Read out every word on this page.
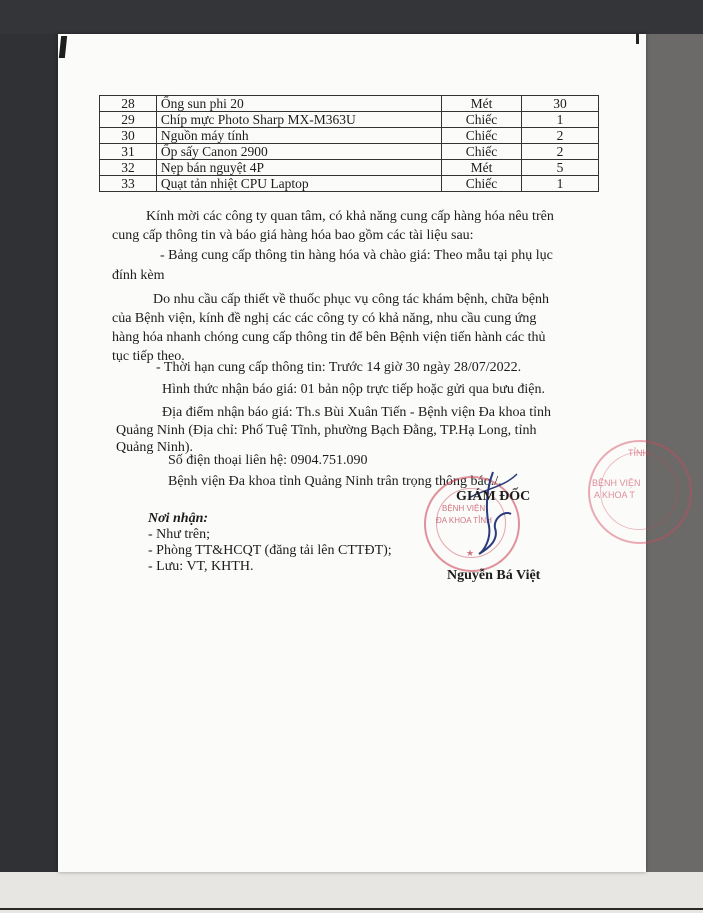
TỈNH
BỆNH VIỆN
A KHOA T
28	Ống sun phi 20	Mét	30
29	Chíp mực Photo Sharp MX-M363U	Chiếc	1
30	Nguồn máy tính	Chiếc	2
31	Ốp sấy Canon 2900	Chiếc	2
32	Nẹp bán nguyệt 4P	Mét	5
33	Quạt tản nhiệt CPU Laptop	Chiếc	1
Kính mời các công ty quan tâm, có khả năng cung cấp hàng hóa nêu trên
cung cấp thông tin và báo giá hàng hóa bao gồm các tài liệu sau:
- Bảng cung cấp thông tin hàng hóa và chào giá: Theo mẫu tại phụ lục
đính kèm
Do nhu cầu cấp thiết về thuốc phục vụ công tác khám bệnh, chữa bệnh
của Bệnh viện, kính đề nghị các các công ty có khả năng, nhu cầu cung ứng
hàng hóa nhanh chóng cung cấp thông tin để bên Bệnh viện tiến hành các thủ
tục tiếp theo.
- Thời hạn cung cấp thông tin: Trước 14 giờ 30 ngày 28/07/2022.
Hình thức nhận báo giá: 01 bản nộp trực tiếp hoặc gửi qua bưu điện.
Địa điểm nhận báo giá: Th.s Bùi Xuân Tiến - Bệnh viện Đa khoa tỉnh
Quảng Ninh (Địa chỉ: Phố Tuệ Tĩnh, phường Bạch Đằng, TP.Hạ Long, tỉnh
Quảng Ninh).
Số điện thoại liên hệ: 0904.751.090
Bệnh viện Đa khoa tỉnh Quảng Ninh trân trọng thông báo./.
BỆNH VIỆN
ĐA KHOA TỈNH
★
GIÁM ĐỐC
Nơi nhận:
- Như trên;
- Phòng TT&HCQT (đăng tải lên CTTĐT);
- Lưu: VT, KHTH.
Nguyễn Bá Việt
